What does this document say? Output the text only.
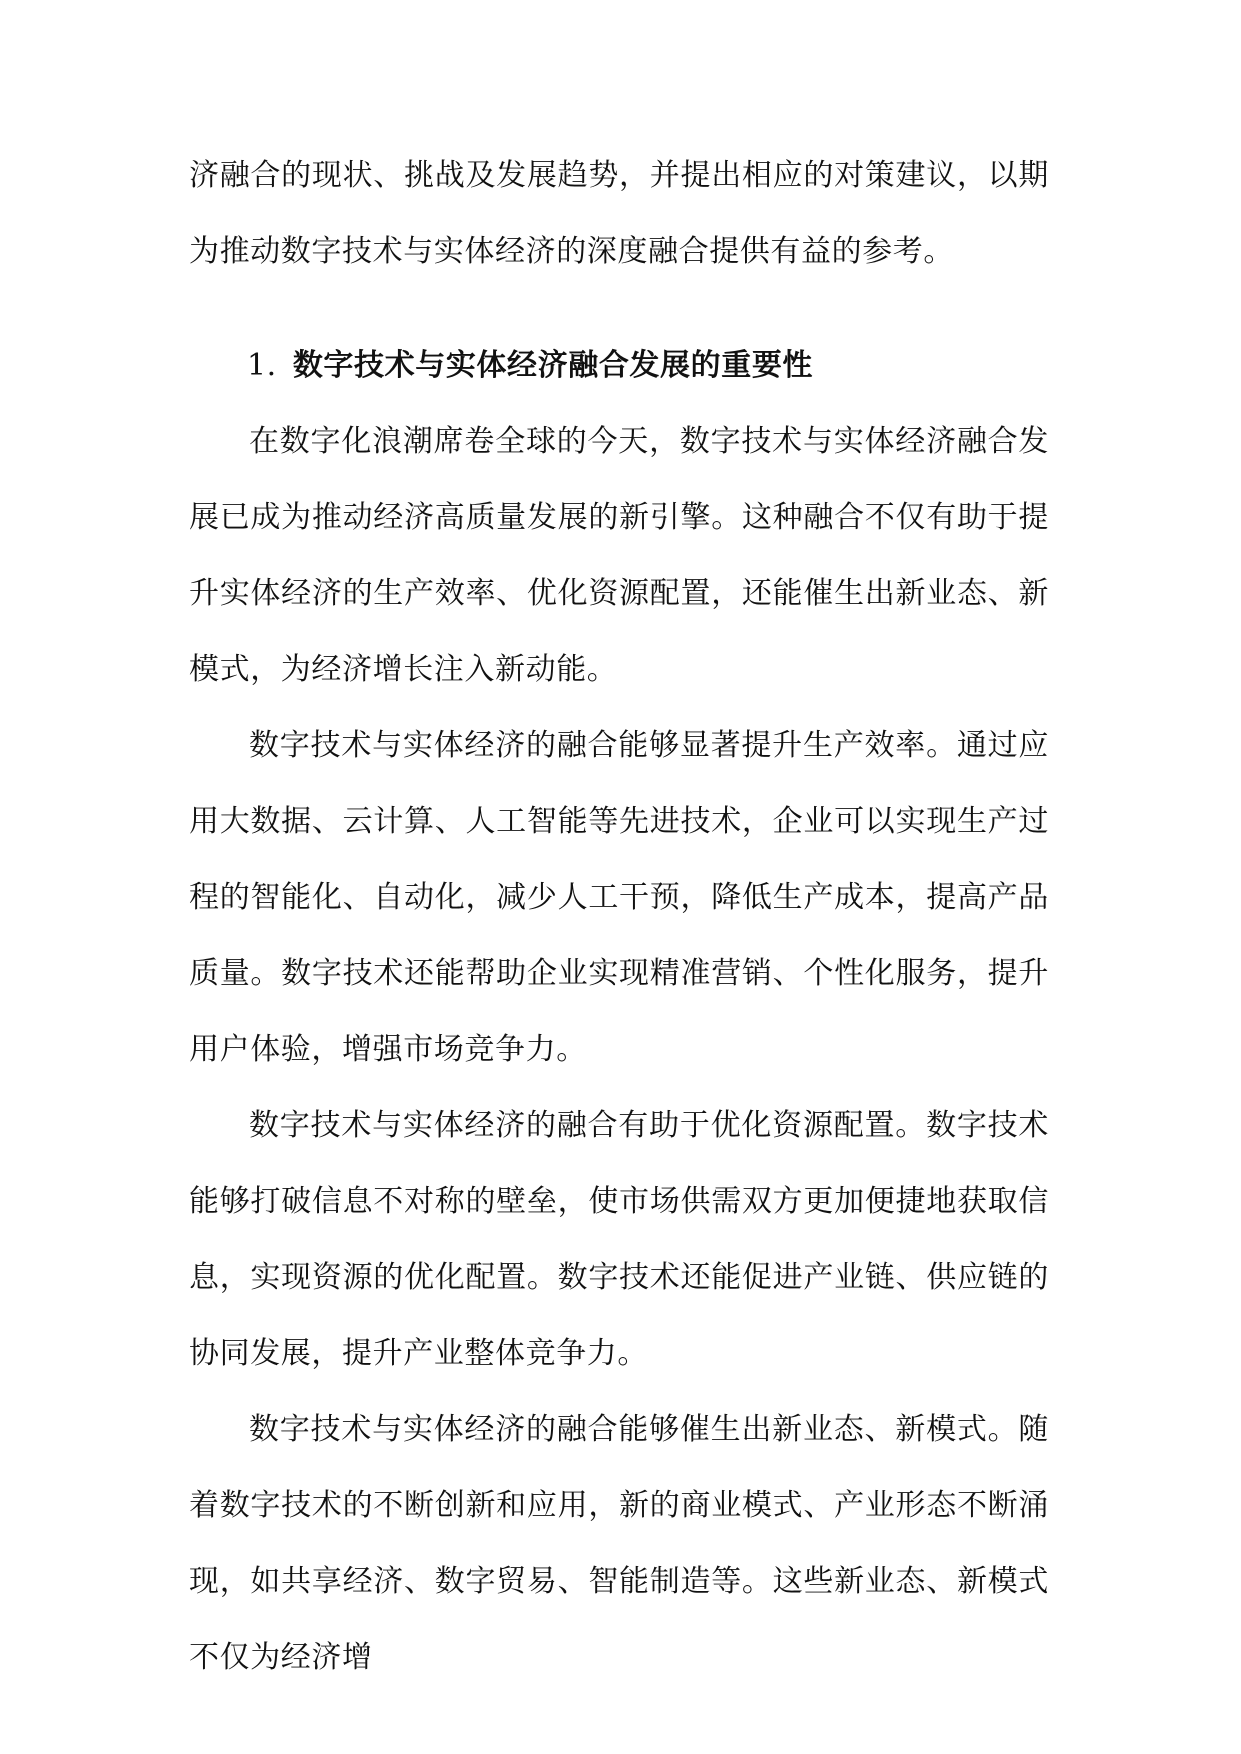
济融合的现状、挑战及发展趋势，并提出相应的对策建议，以期为推动数字技术与实体经济的深度融合提供有益的参考。

1. 数字技术与实体经济融合发展的重要性

在数字化浪潮席卷全球的今天，数字技术与实体经济融合发展已成为推动经济高质量发展的新引擎。这种融合不仅有助于提升实体经济的生产效率、优化资源配置，还能催生出新业态、新模式，为经济增长注入新动能。

数字技术与实体经济的融合能够显著提升生产效率。通过应用大数据、云计算、人工智能等先进技术，企业可以实现生产过程的智能化、自动化，减少人工干预，降低生产成本，提高产品质量。数字技术还能帮助企业实现精准营销、个性化服务，提升用户体验，增强市场竞争力。

数字技术与实体经济的融合有助于优化资源配置。数字技术能够打破信息不对称的壁垒，使市场供需双方更加便捷地获取信息，实现资源的优化配置。数字技术还能促进产业链、供应链的协同发展，提升产业整体竞争力。

数字技术与实体经济的融合能够催生出新业态、新模式。随着数字技术的不断创新和应用，新的商业模式、产业形态不断涌现，如共享经济、数字贸易、智能制造等。这些新业态、新模式不仅为经济增
